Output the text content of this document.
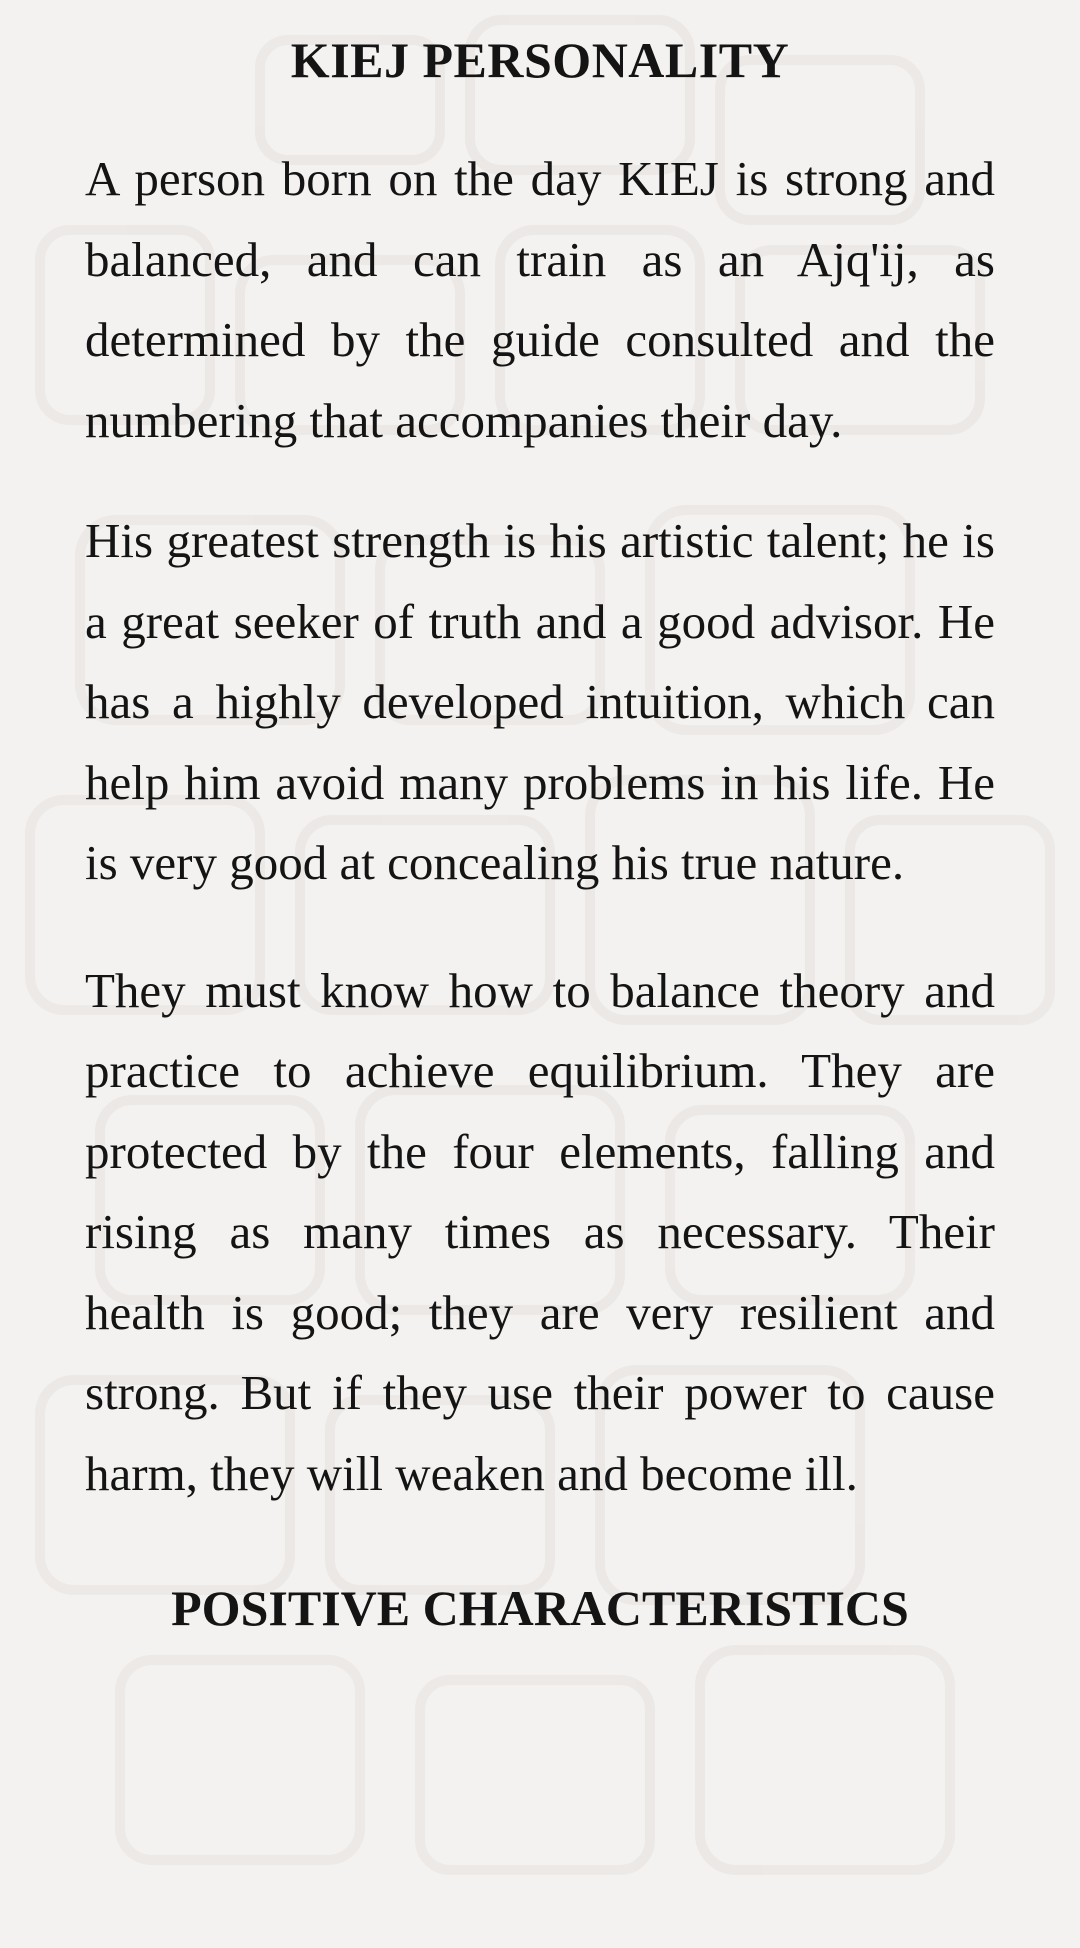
KIEJ PERSONALITY

A person born on the day KIEJ is strong and balanced, and can train as an Ajq'ij, as determined by the guide consulted and the numbering that accompanies their day.

His greatest strength is his artistic talent; he is a great seeker of truth and a good advisor. He has a highly developed intuition, which can help him avoid many problems in his life. He is very good at concealing his true nature.

They must know how to balance theory and practice to achieve equilibrium. They are protected by the four elements, falling and rising as many times as necessary. Their health is good; they are very resilient and strong. But if they use their power to cause harm, they will weaken and become ill.

POSITIVE CHARACTERISTICS
